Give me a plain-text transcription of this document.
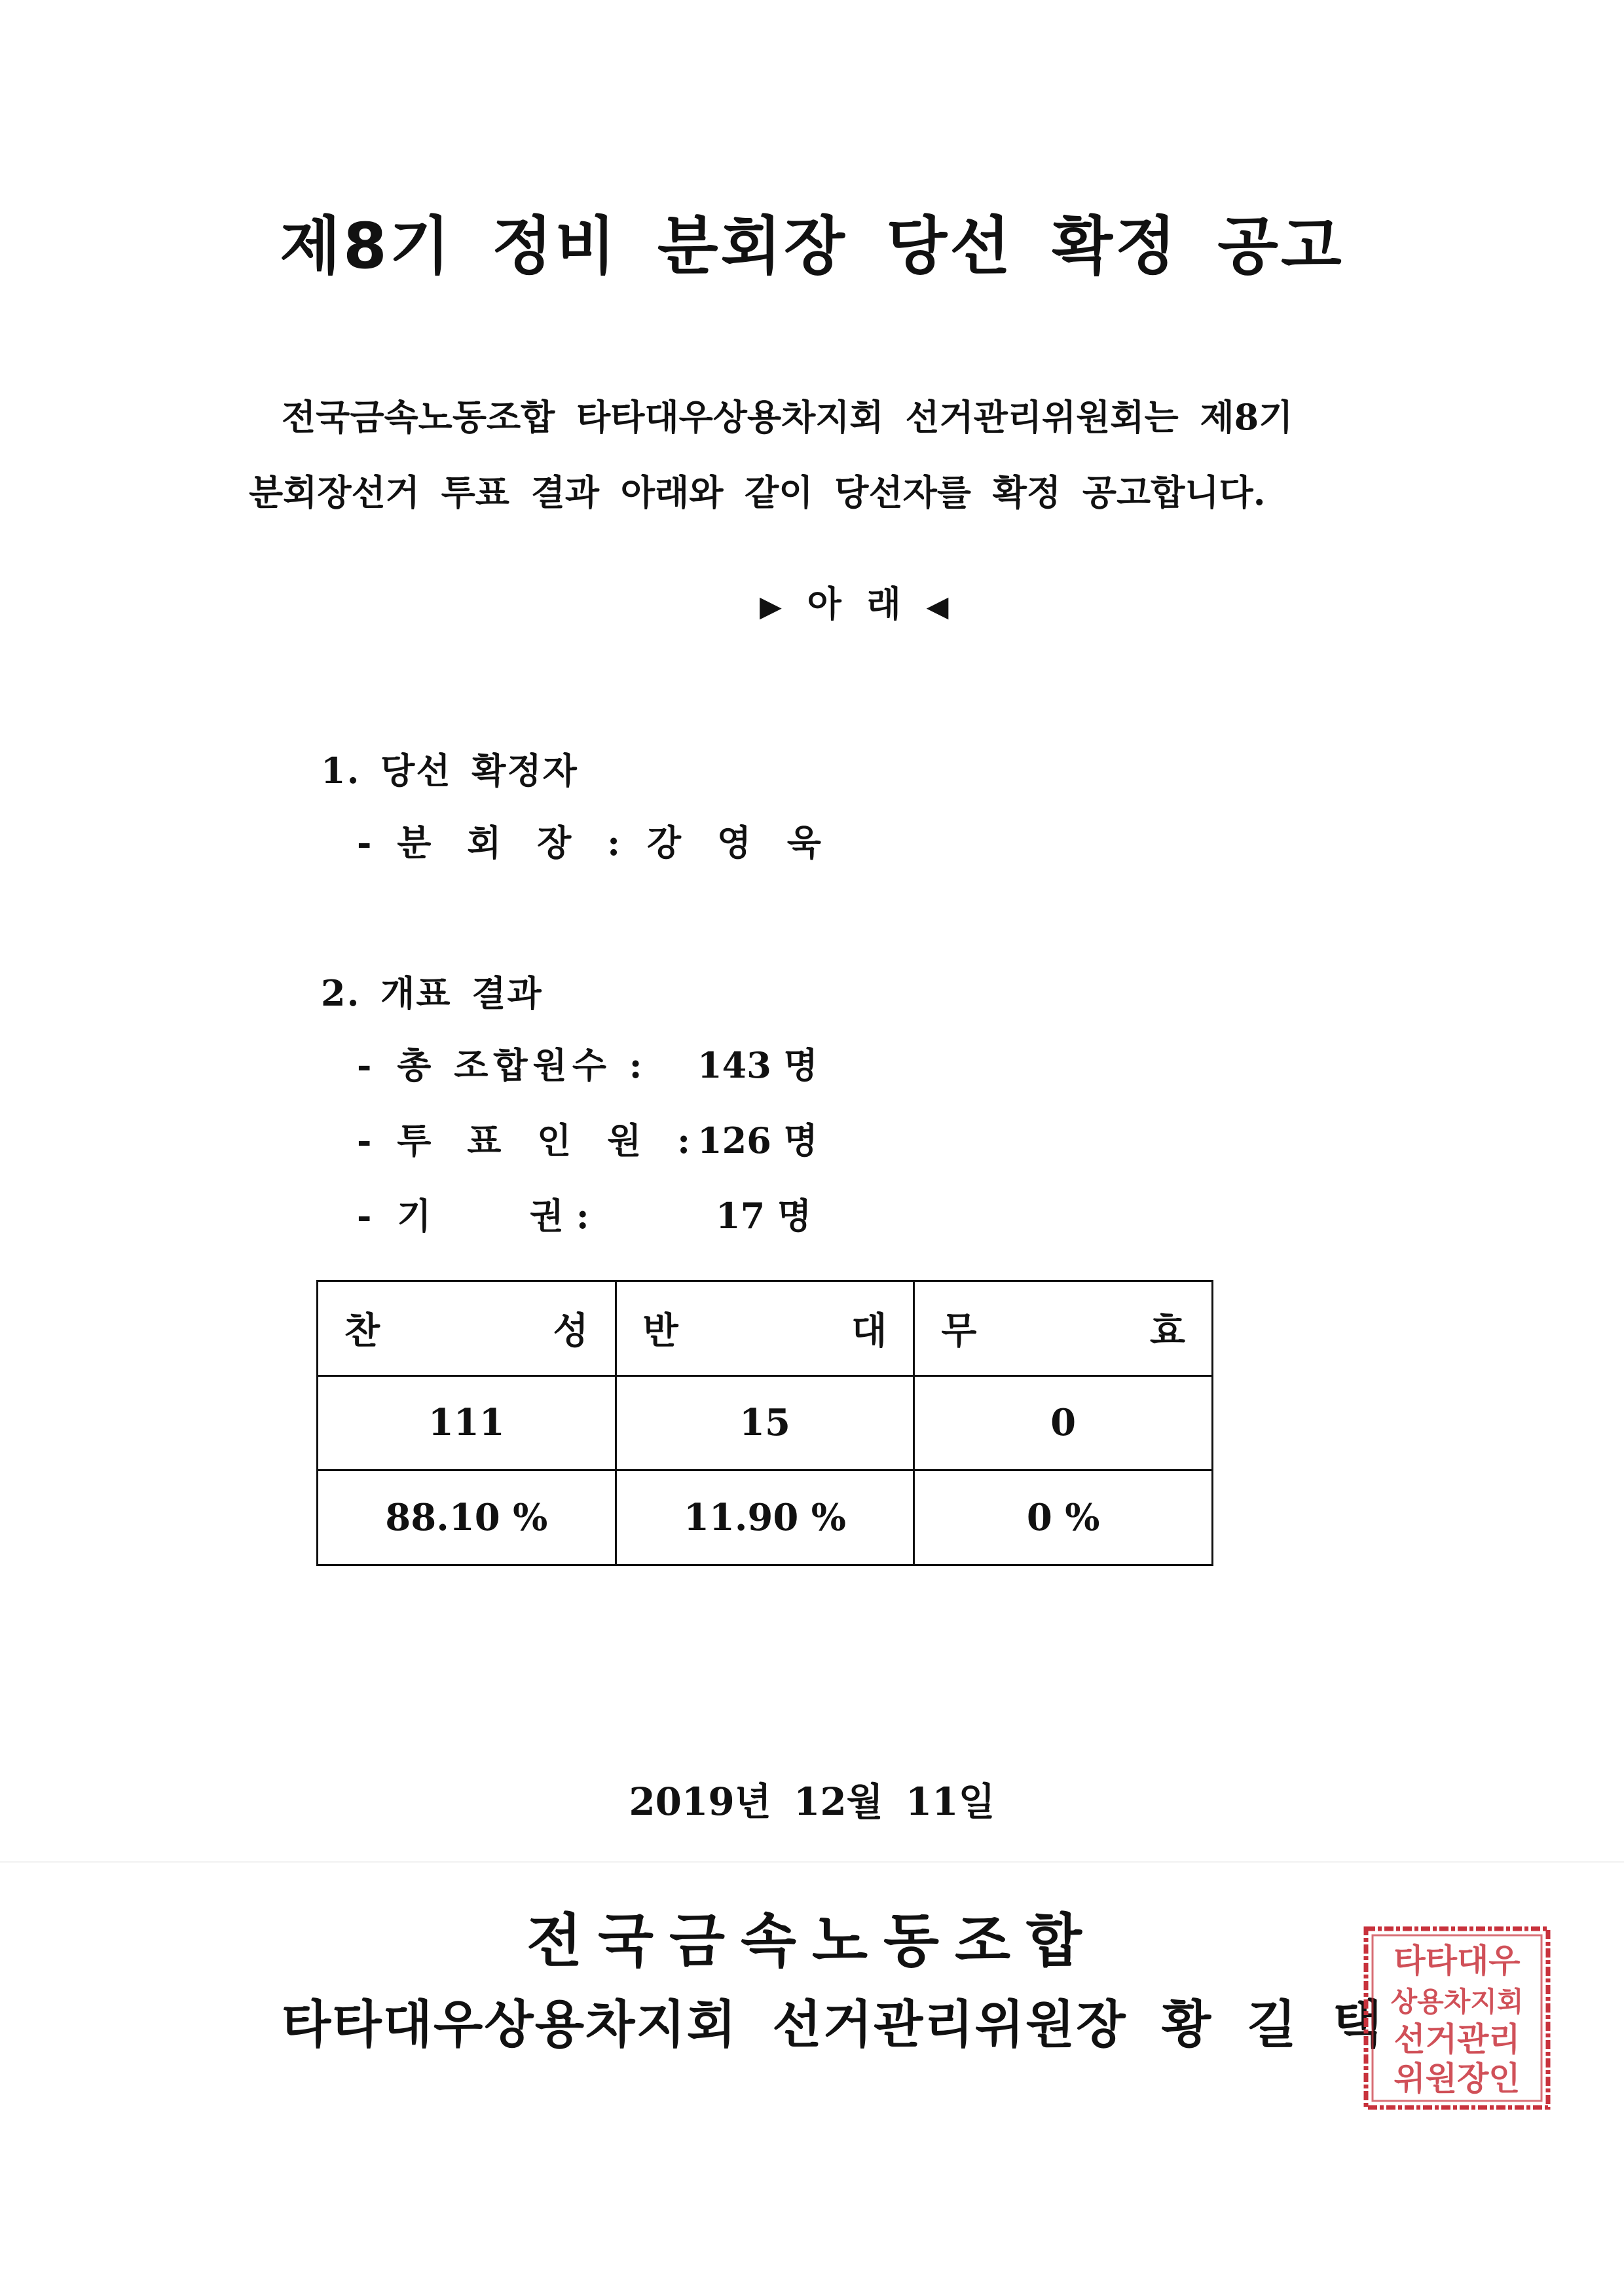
제8기 정비 분회장 당선 확정 공고
전국금속노동조합 타타대우상용차지회 선거관리위원회는 제8기
분회장선거 투표 결과 아래와 같이 당선자를 확정 공고합니다.
▶ 아 래 ◀
1. 당선 확정자
- 분 회 장 : 강 영 욱
2. 개표 결과
- 총 조합원수 : 143 명
- 투 표 인 원 : 126 명
- 기        권 :	17 명
찬 성	반 대	무 효

111	15	0
88.10 %	11.90 %	0 %
2019년 12월 11일
전국금속노동조합
타타대우상용차지회 선거관리위원장 황 길 택
타타대우
상용차지회
선거관리
위원장인
